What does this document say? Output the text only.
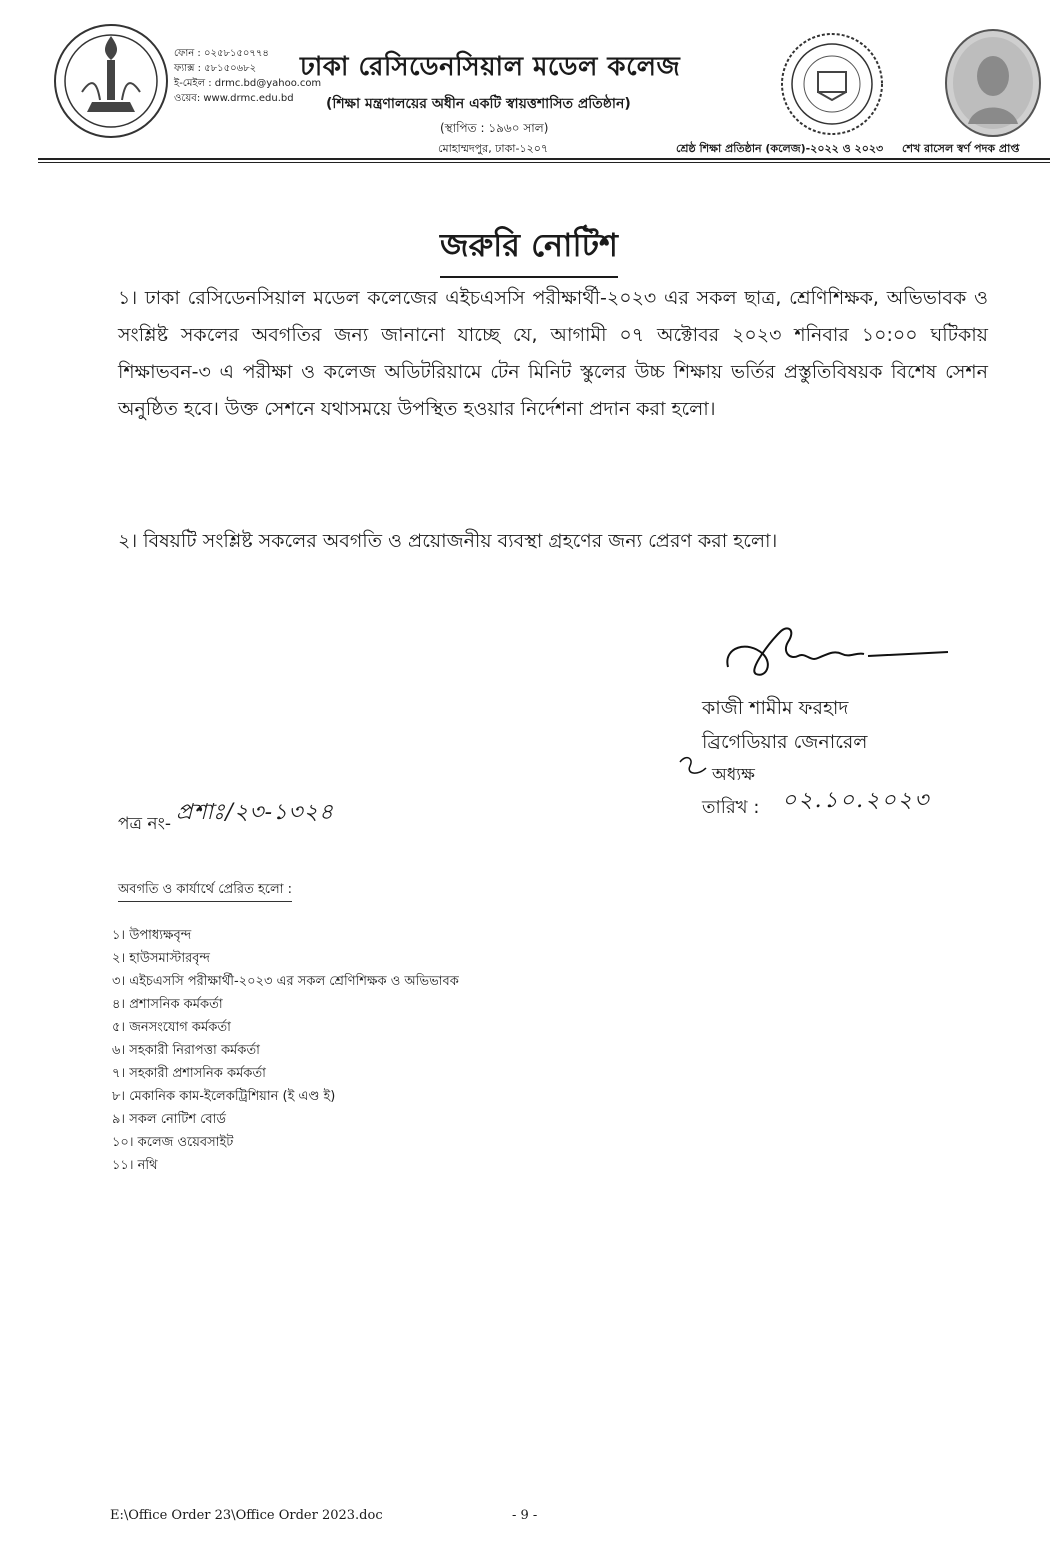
ফোন : ০২৫৮১৫০৭৭৪
ফ্যাক্স : ৫৮১৫০৬৮২
ই-মেইল : drmc.bd@yahoo.com
ওয়েব: www.drmc.edu.bd
ঢাকা রেসিডেনসিয়াল মডেল কলেজ
(শিক্ষা মন্ত্রণালয়ের অধীন একটি স্বায়ত্তশাসিত প্রতিষ্ঠান)
(স্থাপিত : ১৯৬০ সাল)
মোহাম্মদপুর, ঢাকা-১২০৭	শ্রেষ্ঠ শিক্ষা প্রতিষ্ঠান (কলেজ)-২০২২ ও ২০২৩ শেখ রাসেল স্বর্ণ পদক প্রাপ্ত
জরুরি নোটিশ
১। ঢাকা রেসিডেনসিয়াল মডেল কলেজের এইচএসসি পরীক্ষার্থী-২০২৩ এর সকল ছাত্র, শ্রেণিশিক্ষক, অভিভাবক ও সংশ্লিষ্ট সকলের অবগতির জন্য জানানো যাচ্ছে যে, আগামী ০৭ অক্টোবর ২০২৩ শনিবার ১০:০০ ঘটিকায় শিক্ষাভবন-৩ এ পরীক্ষা ও কলেজ অডিটরিয়ামে টেন মিনিট স্কুলের উচ্চ শিক্ষায় ভর্তির প্রস্তুতিবিষয়ক বিশেষ সেশন অনুষ্ঠিত হবে। উক্ত সেশনে যথাসময়ে উপস্থিত হওয়ার নির্দেশনা প্রদান করা হলো।
২। বিষয়টি সংশ্লিষ্ট সকলের অবগতি ও প্রয়োজনীয় ব্যবস্থা গ্রহণের জন্য প্রেরণ করা হলো।
কাজী শামীম ফরহাদ
ব্রিগেডিয়ার জেনারেল
অধ্যক্ষ
তারিখ : ০২.১০.২০২৩
পত্র নং- প্রশাঃ/২৩-১৩২৪
অবগতি ও কার্যার্থে প্রেরিত হলো :
১। উপাধ্যক্ষবৃন্দ
২। হাউসমাস্টারবৃন্দ
৩। এইচএসসি পরীক্ষার্থী-২০২৩ এর সকল শ্রেণিশিক্ষক ও অভিভাবক
৪। প্রশাসনিক কর্মকর্তা
৫। জনসংযোগ কর্মকর্তা
৬। সহকারী নিরাপত্তা কর্মকর্তা
৭। সহকারী প্রশাসনিক কর্মকর্তা
৮। মেকানিক কাম-ইলেকট্রিশিয়ান (ই এণ্ড ই)
৯। সকল নোটিশ বোর্ড
১০। কলেজ ওয়েবসাইট
১১। নথি
E:\Office Order 23\Office Order 2023.doc	- 9 -
